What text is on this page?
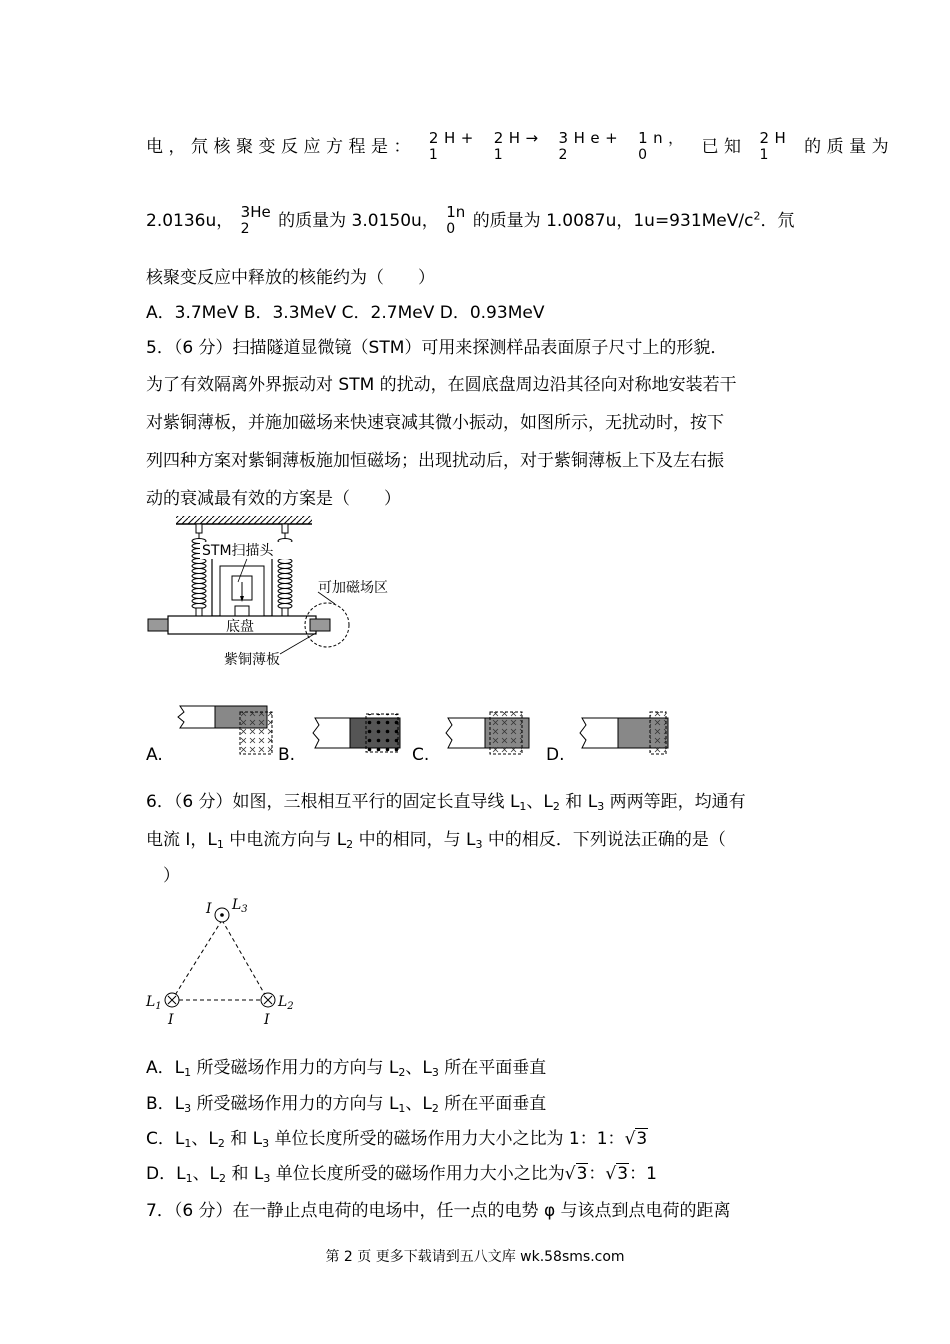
电，氘核聚变反应方程是： 2H+
1

2H→
1

3He+
2

1n，
0	已知 2H
1	的质量为
2.0136u， 3He
2	的质量为 3.0150u， 1n
0	的质量为 1.0087u，$1u=931MeV/c^2$．氘
核聚变反应中释放的核能约为（　　）
A．3.7MeV B．3.3MeV C．2.7MeV D．0.93MeV
5．（6 分）扫描隧道显微镜（STM）可用来探测样品表面原子尺寸上的形貌．
为了有效隔离外界振动对 STM 的扰动，在圆底盘周边沿其径向对称地安装若干
对紫铜薄板，并施加磁场来快速衰减其微小振动，如图所示，无扰动时，按下
列四种方案对紫铜薄板施加恒磁场；出现扰动后，对于紫铜薄板上下及左右振
动的衰减最有效的方案是（　　）
STM扫描头
可加磁场区
底盘
紫铜薄板
A.	B.	C.	D.
6．（6 分）如图，三根相互平行的固定长直导线 $L_1$、$L_2$ 和 $L_3$ 两两等距，均通有
电流 I，$L_1$ 中电流方向与 $L_2$ 中的相同，与 $L_3$ 中的相反．下列说法正确的是（
　）
I $L_3$
$L_1$
I
$L_2$
I
A．$L_1$ 所受磁场作用力的方向与 $L_2$、$L_3$ 所在平面垂直
B．$L_3$ 所受磁场作用力的方向与 $L_1$、$L_2$ 所在平面垂直
C．$L_1$、$L_2$ 和 $L_3$ 单位长度所受的磁场作用力大小之比为 1：1：√3
D．$L_1$、$L_2$ 和 $L_3$ 单位长度所受的磁场作用力大小之比为√3：√3：1
7．（6 分）在一静止点电荷的电场中，任一点的电势 φ 与该点到点电荷的距离
第 2 页 更多下载请到五八文库 wk.58sms.com
